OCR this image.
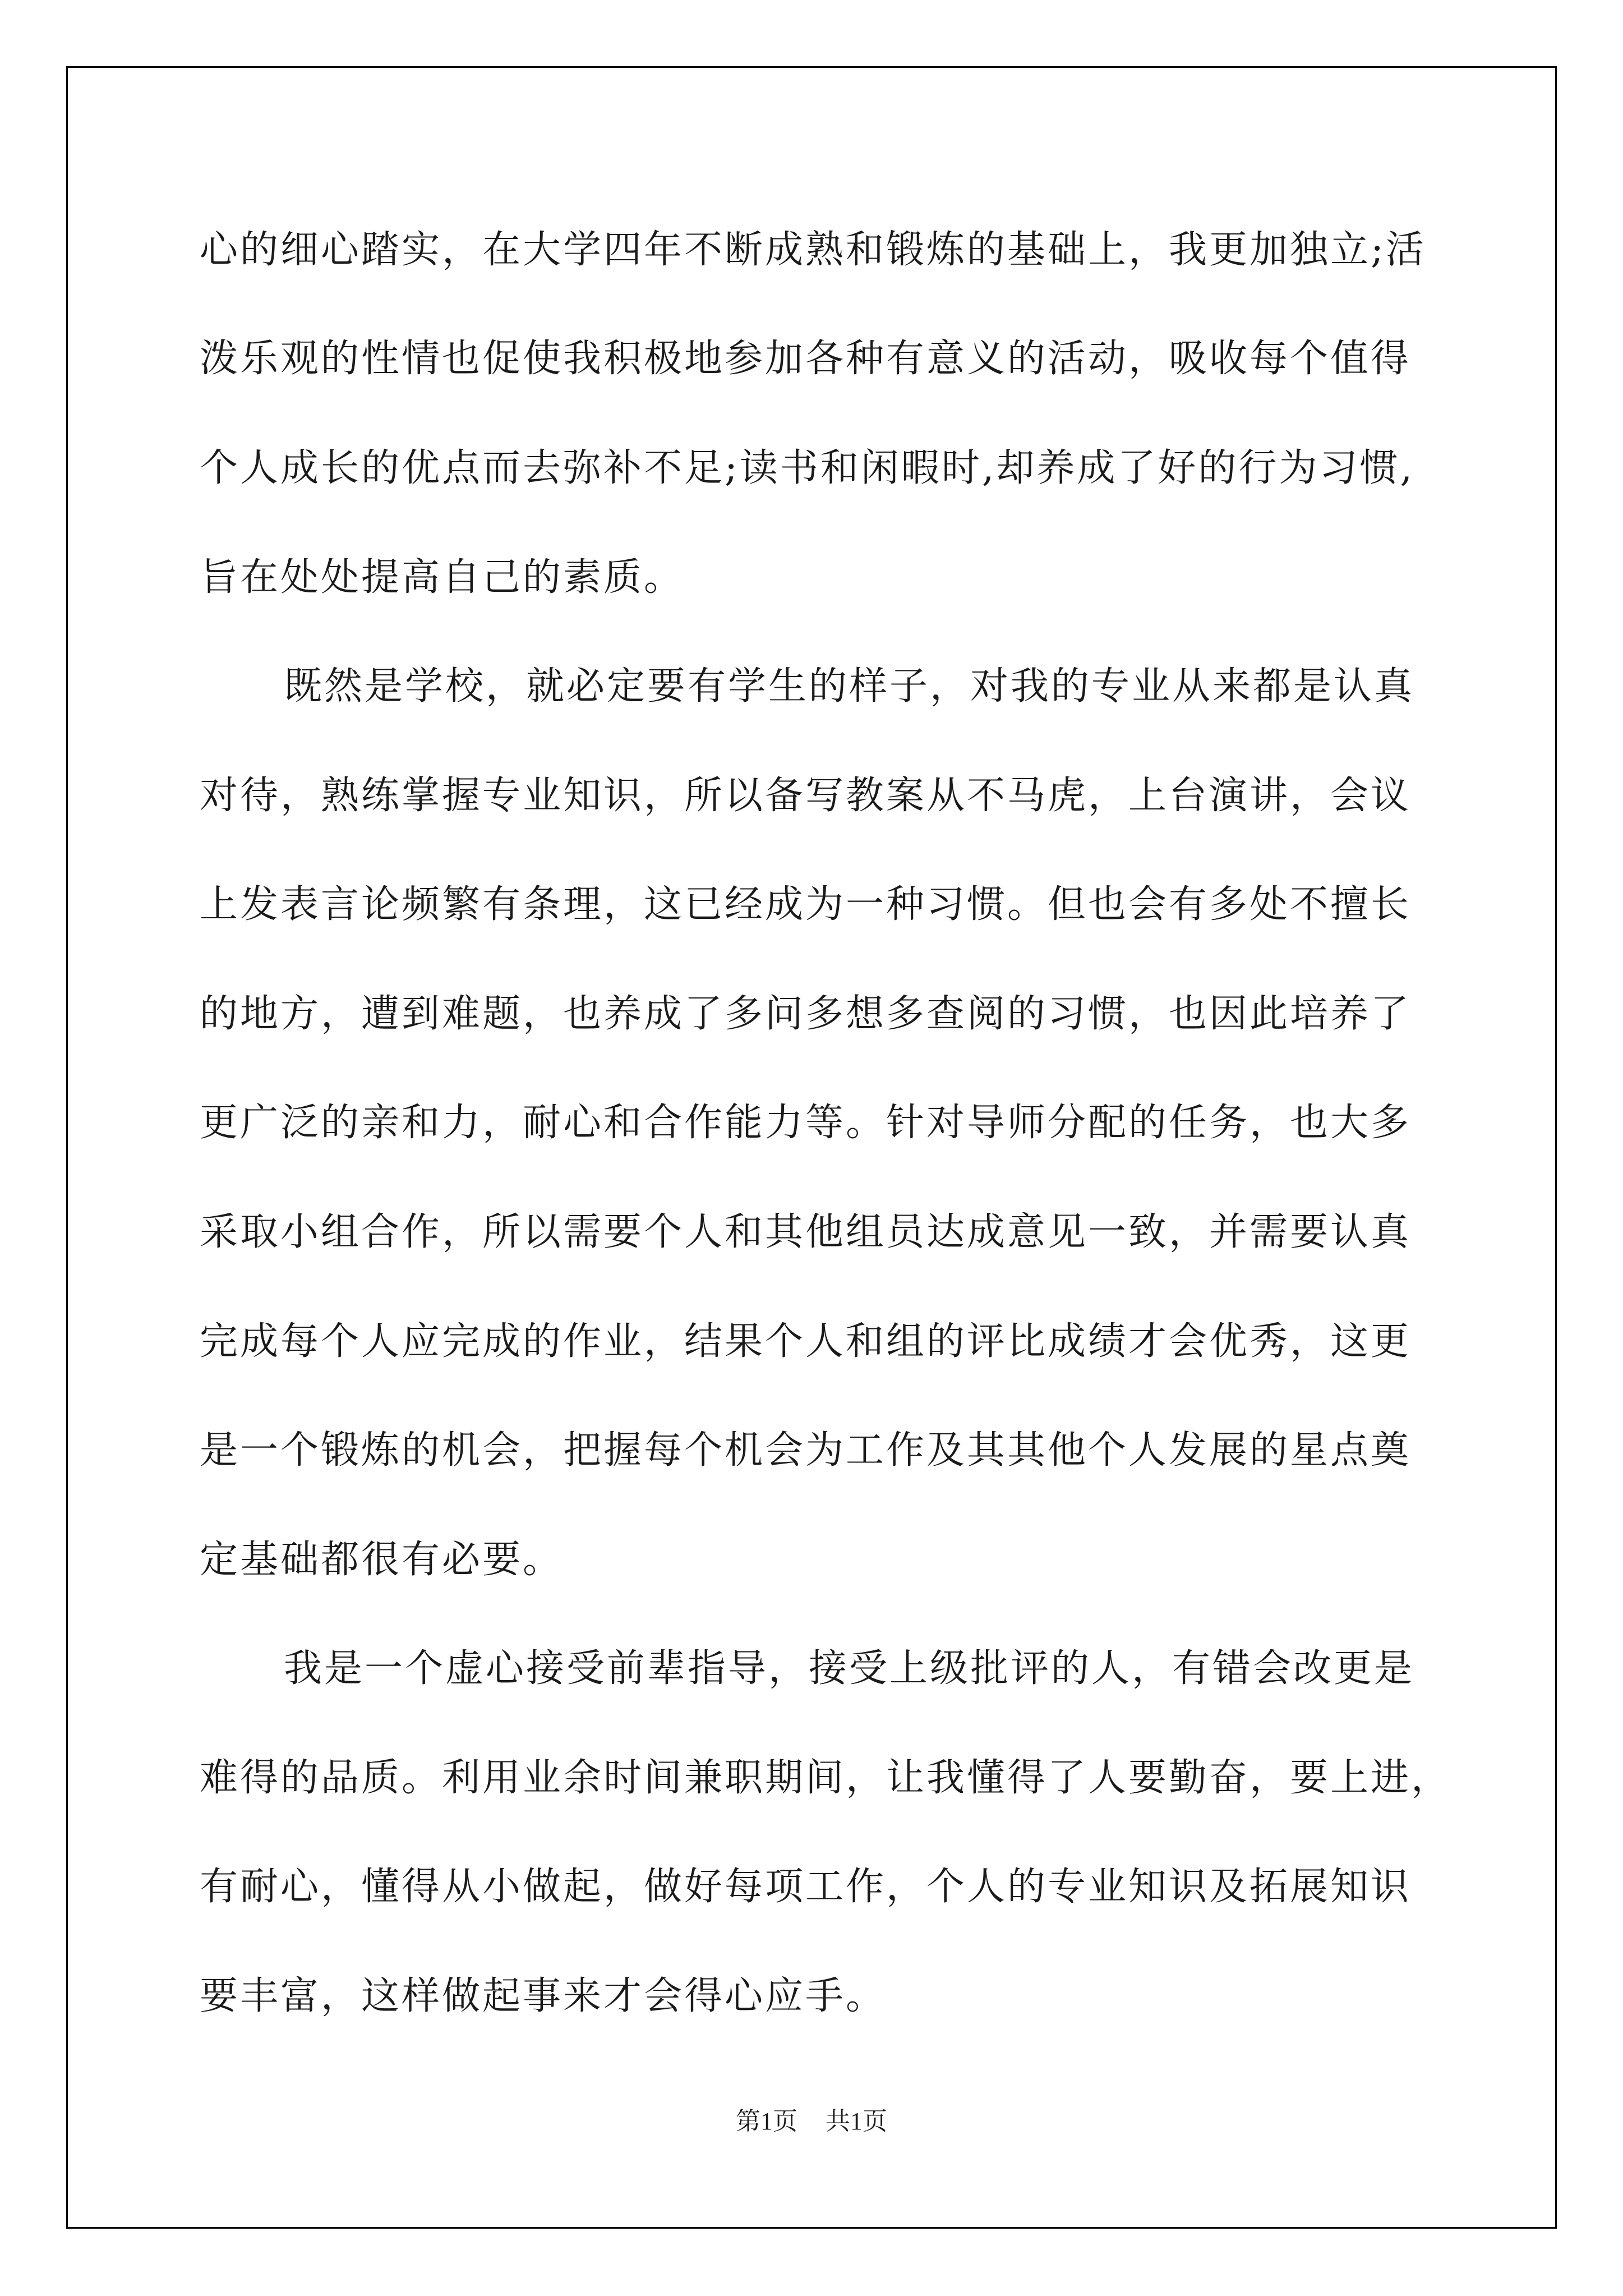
心的细心踏实，在大学四年不断成熟和锻炼的基础上，我更加独立;活
泼乐观的性情也促使我积极地参加各种有意义的活动，吸收每个值得
个人成长的优点而去弥补不足;读书和闲暇时,却养成了好的行为习惯,
旨在处处提高自己的素质。
既然是学校，就必定要有学生的样子，对我的专业从来都是认真
对待，熟练掌握专业知识，所以备写教案从不马虎，上台演讲，会议
上发表言论频繁有条理，这已经成为一种习惯。但也会有多处不擅长
的地方，遭到难题，也养成了多问多想多查阅的习惯，也因此培养了
更广泛的亲和力，耐心和合作能力等。针对导师分配的任务，也大多
采取小组合作，所以需要个人和其他组员达成意见一致，并需要认真
完成每个人应完成的作业，结果个人和组的评比成绩才会优秀，这更
是一个锻炼的机会，把握每个机会为工作及其其他个人发展的星点奠
定基础都很有必要。
我是一个虚心接受前辈指导，接受上级批评的人，有错会改更是
难得的品质。利用业余时间兼职期间，让我懂得了人要勤奋，要上进，
有耐心，懂得从小做起，做好每项工作，个人的专业知识及拓展知识
要丰富，这样做起事来才会得心应手。
第1页 共1页
